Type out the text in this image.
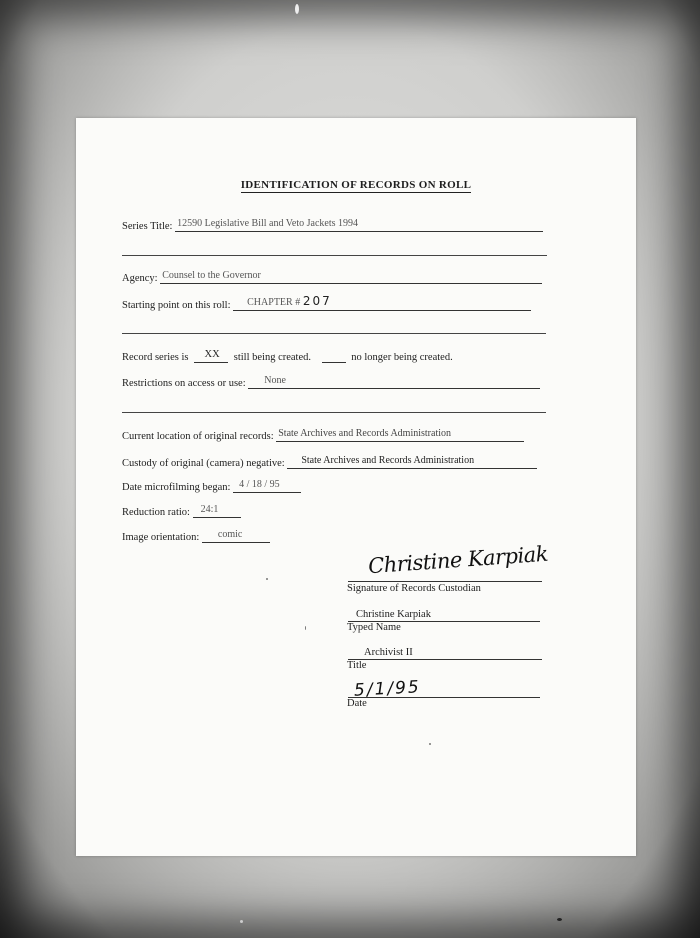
IDENTIFICATION OF RECORDS ON ROLL
Series Title: 12590 Legislative Bill and Veto Jackets 1994
Agency: Counsel to the Governor
Starting point on this roll: CHAPTER # 207
Record series is XX still being created.	no longer being created.
Restrictions on access or use: None
Current location of original records: State Archives and Records Administration
Custody of original (camera) negative: State Archives and Records Administration
Date microfilming began: 4 / 18 / 95
Reduction ratio: 24:1
Image orientation: comic
Christine Karpiak
Signature of Records Custodian
Christine Karpiak
Typed Name
Archivist II
Title
5/1/95
Date
